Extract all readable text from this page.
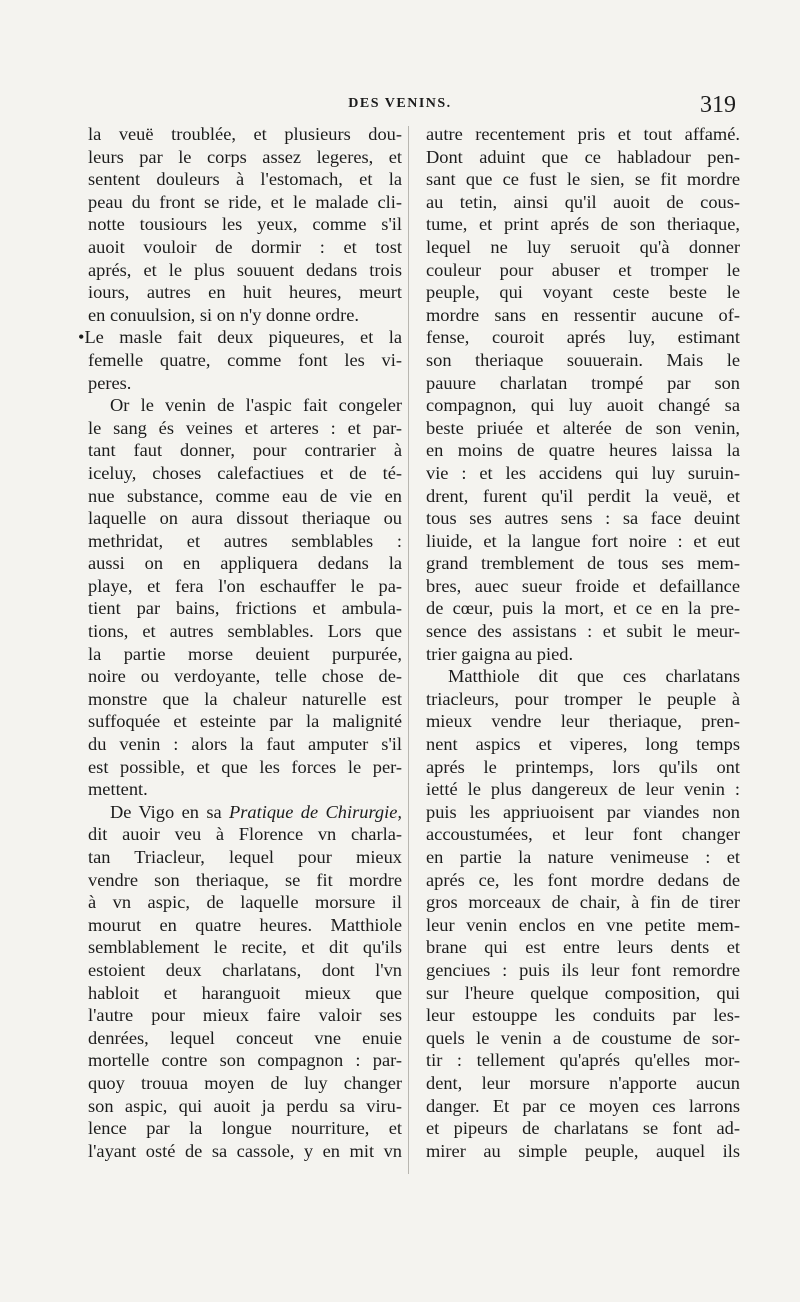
DES VENINS.	319
la veuë troublée, et plusieurs dou-
leurs par le corps assez legeres, et
sentent douleurs à l'estomach, et la
peau du front se ride, et le malade cli-
notte tousiours les yeux, comme s'il
auoit vouloir de dormir : et tost
aprés, et le plus souuent dedans trois
iours, autres en huit heures, meurt
en conuulsion, si on n'y donne ordre.
•Le masle fait deux piqueures, et la
femelle quatre, comme font les vi-
peres.
Or le venin de l'aspic fait congeler
le sang és veines et arteres : et par-
tant faut donner, pour contrarier à
iceluy, choses calefactiues et de té-
nue substance, comme eau de vie en
laquelle on aura dissout theriaque ou
methridat, et autres semblables :
aussi on en appliquera dedans la
playe, et fera l'on eschauffer le pa-
tient par bains, frictions et ambula-
tions, et autres semblables. Lors que
la partie morse deuient purpurée,
noire ou verdoyante, telle chose de-
monstre que la chaleur naturelle est
suffoquée et esteinte par la malignité
du venin : alors la faut amputer s'il
est possible, et que les forces le per-
mettent.
De Vigo en sa Pratique de Chirurgie,
dit auoir veu à Florence vn charla-
tan Triacleur, lequel pour mieux
vendre son theriaque, se fit mordre
à vn aspic, de laquelle morsure il
mourut en quatre heures. Matthiole
semblablement le recite, et dit qu'ils
estoient deux charlatans, dont l'vn
habloit et haranguoit mieux que
l'autre pour mieux faire valoir ses
denrées, lequel conceut vne enuie
mortelle contre son compagnon : par-
quoy trouua moyen de luy changer
son aspic, qui auoit ja perdu sa viru-
lence par la longue nourriture, et
l'ayant osté de sa cassole, y en mit vn
autre recentement pris et tout affamé.
Dont aduint que ce habladour pen-
sant que ce fust le sien, se fit mordre
au tetin, ainsi qu'il auoit de cous-
tume, et print aprés de son theriaque,
lequel ne luy seruoit qu'à donner
couleur pour abuser et tromper le
peuple, qui voyant ceste beste le
mordre sans en ressentir aucune of-
fense, couroit aprés luy, estimant
son theriaque souuerain. Mais le
pauure charlatan trompé par son
compagnon, qui luy auoit changé sa
beste priuée et alterée de son venin,
en moins de quatre heures laissa la
vie : et les accidens qui luy suruin-
drent, furent qu'il perdit la veuë, et
tous ses autres sens : sa face deuint
liuide, et la langue fort noire : et eut
grand tremblement de tous ses mem-
bres, auec sueur froide et defaillance
de cœur, puis la mort, et ce en la pre-
sence des assistans : et subit le meur-
trier gaigna au pied.
Matthiole dit que ces charlatans
triacleurs, pour tromper le peuple à
mieux vendre leur theriaque, pren-
nent aspics et viperes, long temps
aprés le printemps, lors qu'ils ont
ietté le plus dangereux de leur venin :
puis les appriuoisent par viandes non
accoustumées, et leur font changer
en partie la nature venimeuse : et
aprés ce, les font mordre dedans de
gros morceaux de chair, à fin de tirer
leur venin enclos en vne petite mem-
brane qui est entre leurs dents et
genciues : puis ils leur font remordre
sur l'heure quelque composition, qui
leur estouppe les conduits par les-
quels le venin a de coustume de sor-
tir : tellement qu'aprés qu'elles mor-
dent, leur morsure n'apporte aucun
danger. Et par ce moyen ces larrons
et pipeurs de charlatans se font ad-
mirer au simple peuple, auquel ils
